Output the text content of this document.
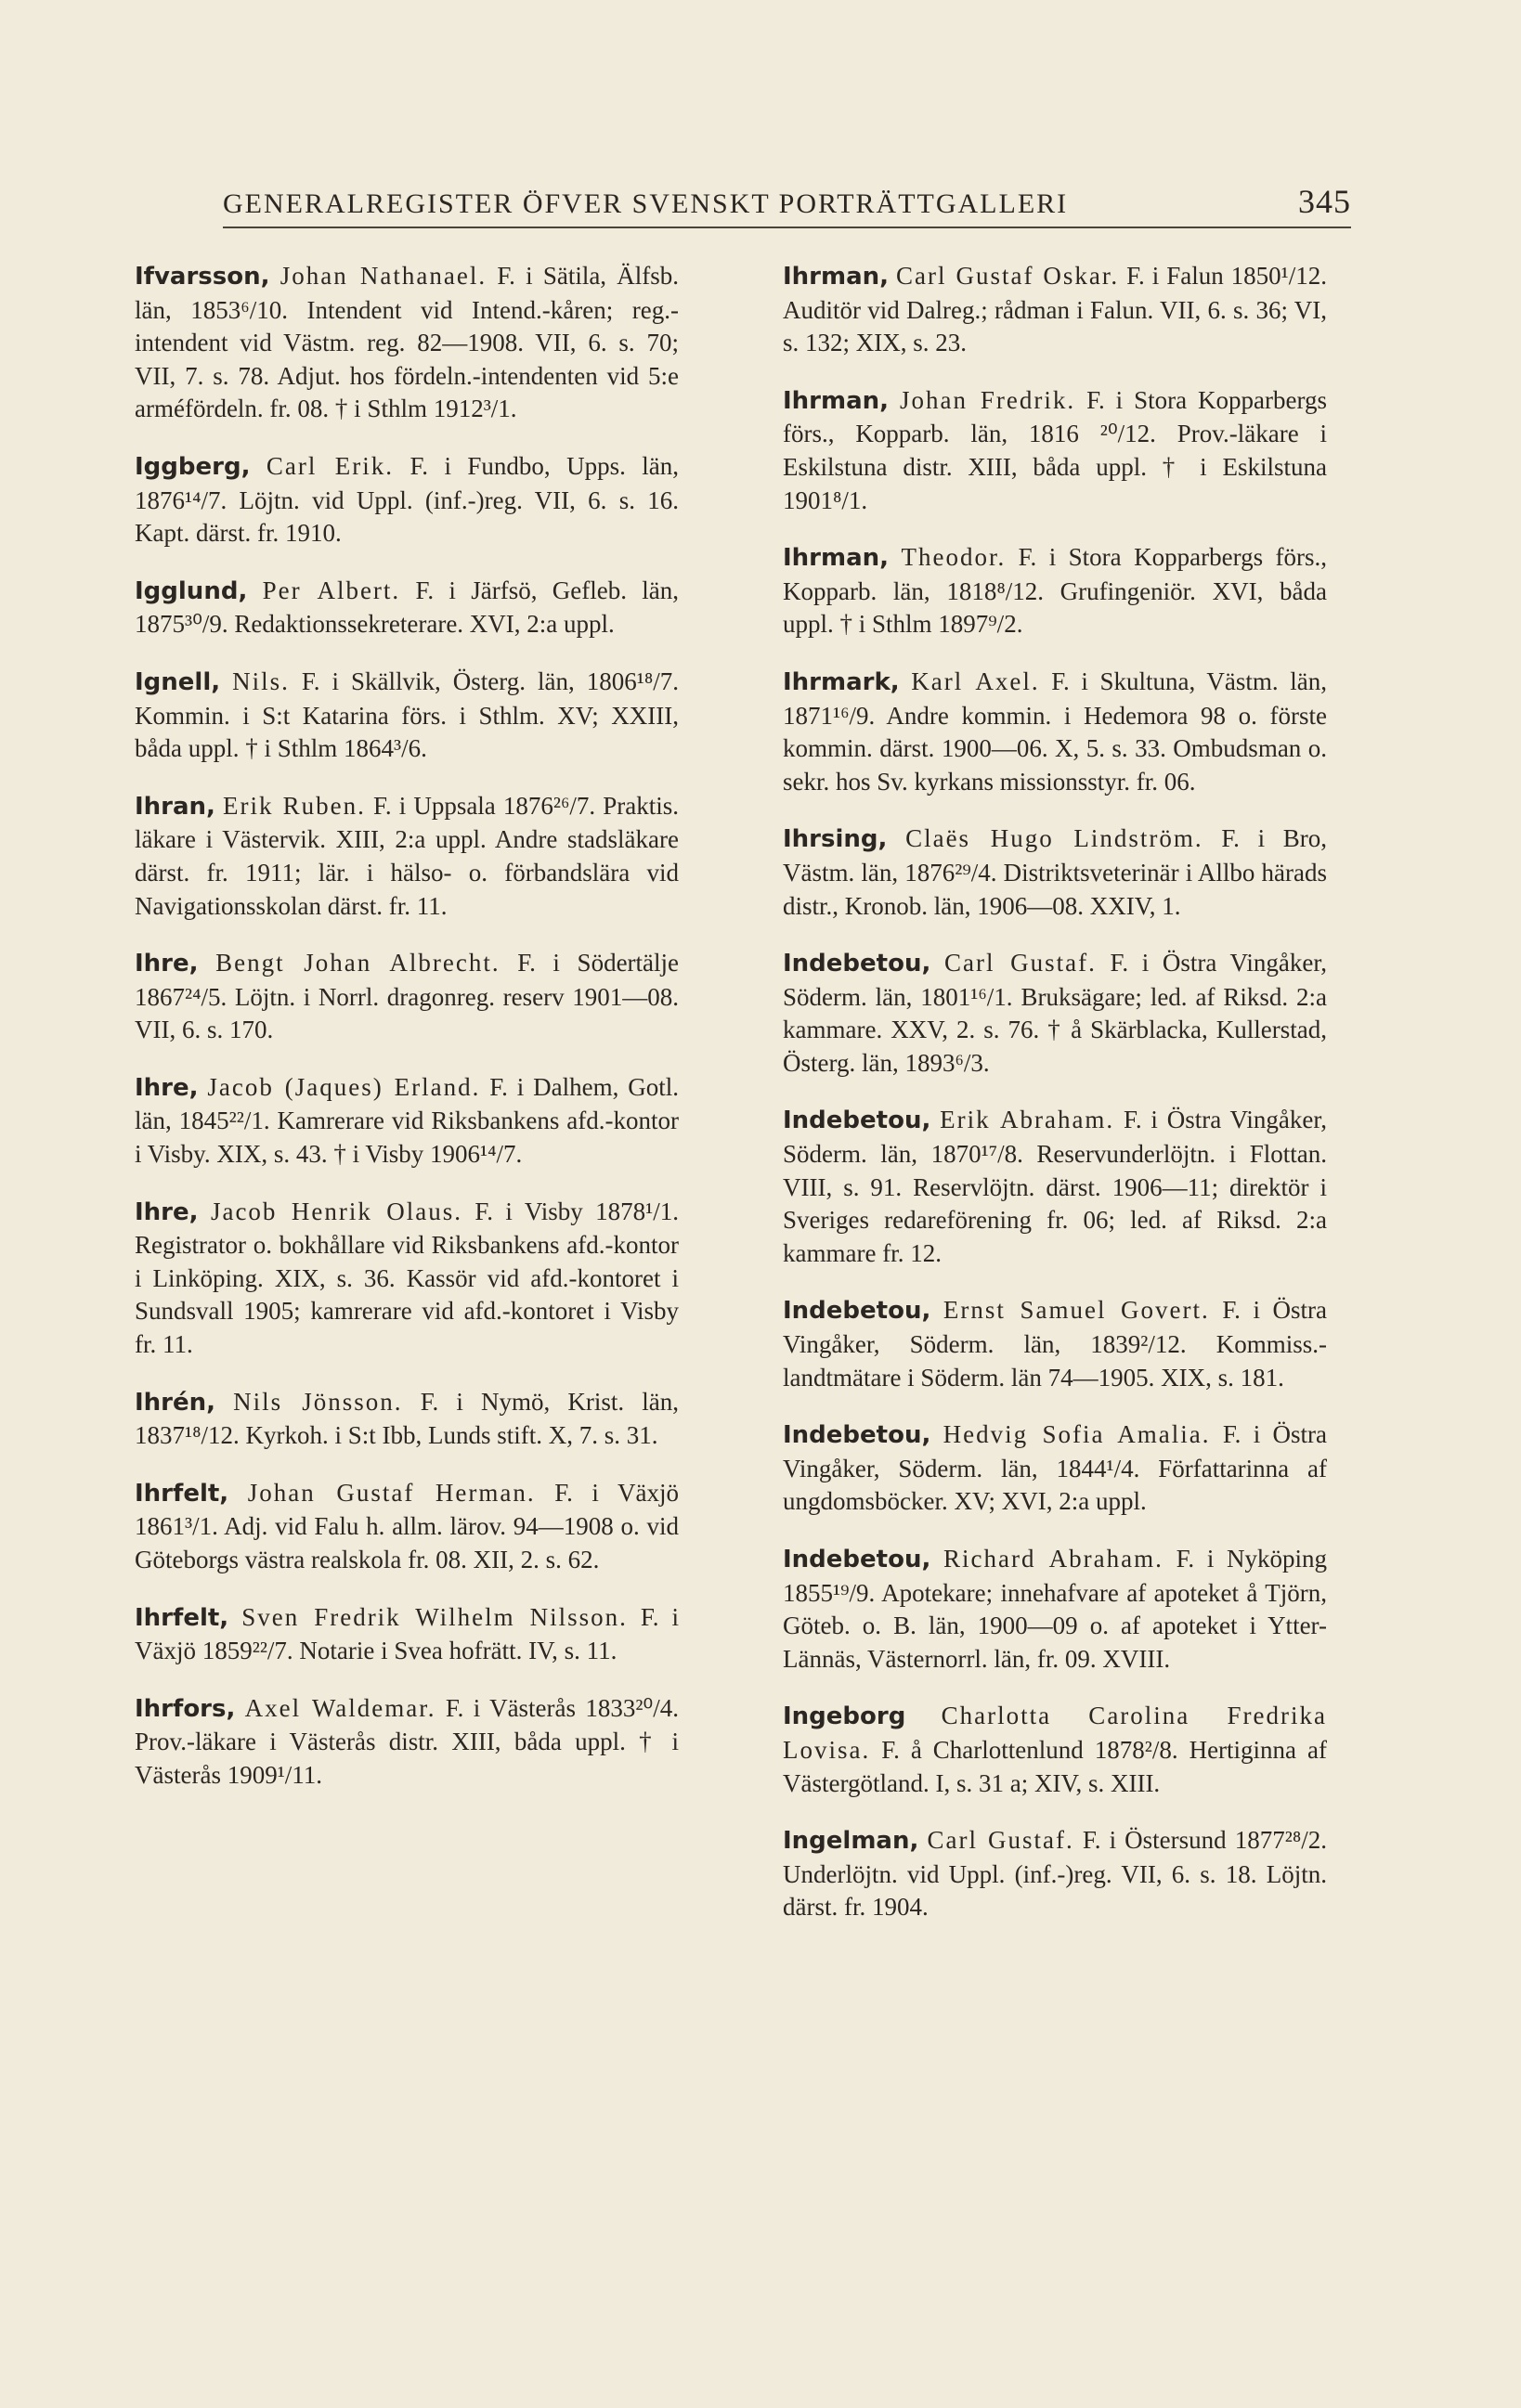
GENERALREGISTER ÖFVER SVENSKT PORTRÄTTGALLERI	345

Ifvarsson, Johan Nathanael. F. i Sätila, Älfsb. län, 1853⁶/10. Intendent vid Intend.-kåren; reg.-intendent vid Västm. reg. 82—1908. VII, 6. s. 70; VII, 7. s. 78. Adjut. hos fördeln.-intendenten vid 5:e arméfördeln. fr. 08. † i Sthlm 1912³/1.

Iggberg, Carl Erik. F. i Fundbo, Upps. län, 1876¹⁴/7. Löjtn. vid Uppl. (inf.-)reg. VII, 6. s. 16. Kapt. därst. fr. 1910.

Igglund, Per Albert. F. i Järfsö, Gefleb. län, 1875³⁰/9. Redaktionssekreterare. XVI, 2:a uppl.

Ignell, Nils. F. i Skällvik, Österg. län, 1806¹⁸/7. Kommin. i S:t Katarina förs. i Sthlm. XV; XXIII, båda uppl. † i Sthlm 1864³/6.

Ihran, Erik Ruben. F. i Uppsala 1876²⁶/7. Praktis. läkare i Västervik. XIII, 2:a uppl. Andre stadsläkare därst. fr. 1911; lär. i hälso- o. förbandslära vid Navigationsskolan därst. fr. 11.

Ihre, Bengt Johan Albrecht. F. i Södertälje 1867²⁴/5. Löjtn. i Norrl. dragonreg. reserv 1901—08. VII, 6. s. 170.

Ihre, Jacob (Jaques) Erland. F. i Dalhem, Gotl. län, 1845²²/1. Kamrerare vid Riksbankens afd.-kontor i Visby. XIX, s. 43. † i Visby 1906¹⁴/7.

Ihre, Jacob Henrik Olaus. F. i Visby 1878¹/1. Registrator o. bokhållare vid Riksbankens afd.-kontor i Linköping. XIX, s. 36. Kassör vid afd.-kontoret i Sundsvall 1905; kamrerare vid afd.-kontoret i Visby fr. 11.

Ihrén, Nils Jönsson. F. i Nymö, Krist. län, 1837¹⁸/12. Kyrkoh. i S:t Ibb, Lunds stift. X, 7. s. 31.

Ihrfelt, Johan Gustaf Herman. F. i Växjö 1861³/1. Adj. vid Falu h. allm. lärov. 94—1908 o. vid Göteborgs västra realskola fr. 08. XII, 2. s. 62.

Ihrfelt, Sven Fredrik Wilhelm Nilsson. F. i Växjö 1859²²/7. Notarie i Svea hofrätt. IV, s. 11.

Ihrfors, Axel Waldemar. F. i Västerås 1833²⁰/4. Prov.-läkare i Västerås distr. XIII, båda uppl. † i Västerås 1909¹/11.

Ihrman, Carl Gustaf Oskar. F. i Falun 1850¹/12. Auditör vid Dalreg.; rådman i Falun. VII, 6. s. 36; VI, s. 132; XIX, s. 23.

Ihrman, Johan Fredrik. F. i Stora Kopparbergs förs., Kopparb. län, 1816 ²⁰/12. Prov.-läkare i Eskilstuna distr. XIII, båda uppl. † i Eskilstuna 1901⁸/1.

Ihrman, Theodor. F. i Stora Kopparbergs förs., Kopparb. län, 1818⁸/12. Grufingeniör. XVI, båda uppl. † i Sthlm 1897⁹/2.

Ihrmark, Karl Axel. F. i Skultuna, Västm. län, 1871¹⁶/9. Andre kommin. i Hedemora 98 o. förste kommin. därst. 1900—06. X, 5. s. 33. Ombudsman o. sekr. hos Sv. kyrkans missionsstyr. fr. 06.

Ihrsing, Claës Hugo Lindström. F. i Bro, Västm. län, 1876²⁹/4. Distriktsveterinär i Allbo härads distr., Kronob. län, 1906—08. XXIV, 1.

Indebetou, Carl Gustaf. F. i Östra Vingåker, Söderm. län, 1801¹⁶/1. Bruksägare; led. af Riksd. 2:a kammare. XXV, 2. s. 76. † å Skärblacka, Kullerstad, Österg. län, 1893⁶/3.

Indebetou, Erik Abraham. F. i Östra Vingåker, Söderm. län, 1870¹⁷/8. Reservunderlöjtn. i Flottan. VIII, s. 91. Reservlöjtn. därst. 1906—11; direktör i Sveriges redareförening fr. 06; led. af Riksd. 2:a kammare fr. 12.

Indebetou, Ernst Samuel Govert. F. i Östra Vingåker, Söderm. län, 1839²/12. Kommiss.-landtmätare i Söderm. län 74—1905. XIX, s. 181.

Indebetou, Hedvig Sofia Amalia. F. i Östra Vingåker, Söderm. län, 1844¹/4. Författarinna af ungdomsböcker. XV; XVI, 2:a uppl.

Indebetou, Richard Abraham. F. i Nyköping 1855¹⁹/9. Apotekare; innehafvare af apoteket å Tjörn, Göteb. o. B. län, 1900—09 o. af apoteket i Ytter-Lännäs, Västernorrl. län, fr. 09. XVIII.

Ingeborg Charlotta Carolina Fredrika Lovisa. F. å Charlottenlund 1878²/8. Hertiginna af Västergötland. I, s. 31 a; XIV, s. XIII.

Ingelman, Carl Gustaf. F. i Östersund 1877²⁸/2. Underlöjtn. vid Uppl. (inf.-)reg. VII, 6. s. 18. Löjtn. därst. fr. 1904.
